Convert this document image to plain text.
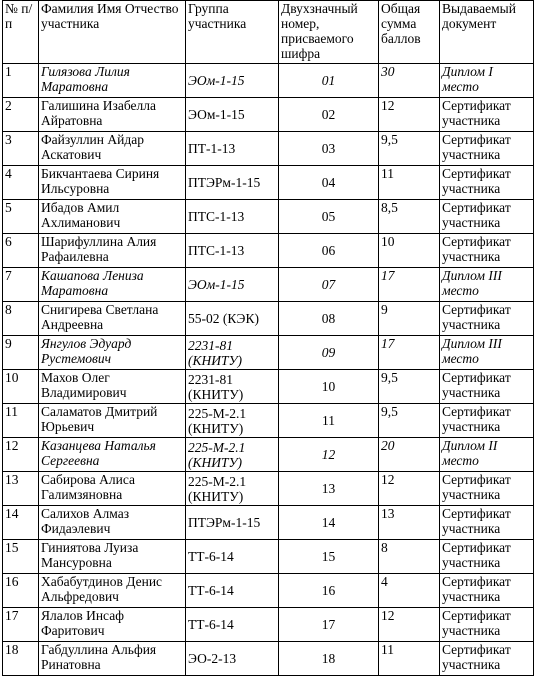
№ п/п	Фамилия Имя Отчество участника	Группа участника	Двухзначный номер, присваемого шифра	Общая сумма баллов	Выдаваемый документ
1	Гилязова Лилия Маратовна	ЭОм-1-15	01	30	Диплом I место
2	Галишина Изабелла Айратовна	ЭОм-1-15	02	12	Сертификат участника
3	Файзуллин Айдар Аскатович	ПТ-1-13	03	9,5	Сертификат участника
4	Бикчантаева Сириня Ильсуровна	ПТЭРм-1-15	04	11	Сертификат участника
5	Ибадов Амил Ахлиманович	ПТС-1-13	05	8,5	Сертификат участника
6	Шарифуллина Алия Рафаилевна	ПТС-1-13	06	10	Сертификат участника
7	Кашапова Лениза Маратовна	ЭОм-1-15	07	17	Диплом III место
8	Снигирева Светлана Андреевна	55-02 (КЭК)	08	9	Сертификат участника
9	Янгулов Эдуард Рустемович	2231-81 (КНИТУ)	09	17	Диплом III место
10	Махов Олег Владимирович	2231-81 (КНИТУ)	10	9,5	Сертификат участника
11	Саламатов Дмитрий Юрьевич	225-М-2.1 (КНИТУ)	11	9,5	Сертификат участника
12	Казанцева Наталья Сергеевна	225-М-2.1 (КНИТУ)	12	20	Диплом II место
13	Сабирова Алиса Галимзяновна	225-М-2.1 (КНИТУ)	13	12	Сертификат участника
14	Салихов Алмаз Фидаэлевич	ПТЭРм-1-15	14	13	Сертификат участника
15	Гиниятова Луиза Мансуровна	ТТ-6-14	15	8	Сертификат участника
16	Хабабутдинов Денис Альфредович	ТТ-6-14	16	4	Сертификат участника
17	Ялалов Инсаф Фаритович	ТТ-6-14	17	12	Сертификат участника
18	Габдуллина Альфия Ринатовна	ЭО-2-13	18	11	Сертификат участника
